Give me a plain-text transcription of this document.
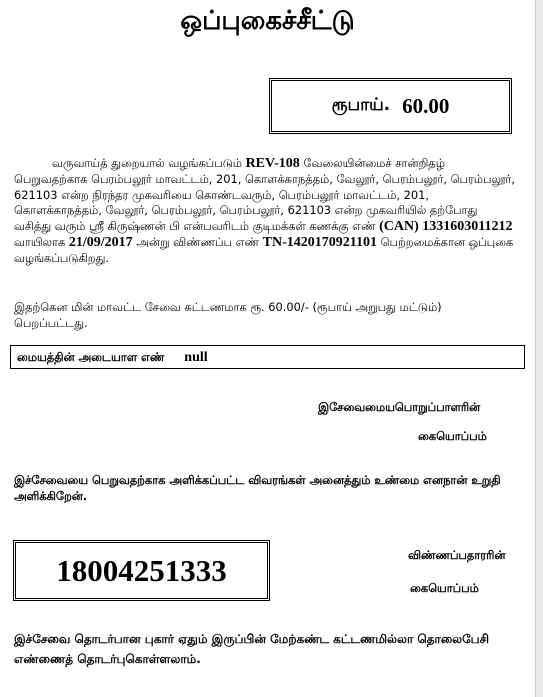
ஒப்புகைச்சீட்டு
ரூபாய். 60.00
வருவாய்த் துறையால் வழங்கப்படும் REV-108 வேலையின்மைச் சான்றிதழ் பெறுவதற்காக பெரம்பலூர் மாவட்டம், 201, கொளக்காநத்தம், வேலூர், பெரம்பலூர், பெரம்பலூர், 621103 என்ற நிரந்தர முகவரியை கொண்டவரும், பெரம்பலூர் மாவட்டம், 201, கொளக்காநத்தம், வேலூர், பெரம்பலூர், பெரம்பலூர், 621103 என்ற முகவரியில் தற்போது வசித்து வரும் ஸ்ரீ கிருஷ்ணன் பி என்பவரிடம் குடிமக்கள் கணக்கு எண் (CAN) 1331603011212 வாயிலாக 21/09/2017 அன்று விண்ணப்ப எண் TN-1420170921101 பெற்றமைக்கான ஒப்புகை வழங்கப்படுகிறது.
இதற்கென மின் மாவட்ட சேவை கட்டணமாக ரூ. 60.00/- (ரூபாய் அறுபது மட்டும்) பெறப்பட்டது.
மையத்தின் அடையாள எண் null
இசேவைமையபொறுப்பாளரின்
கையொப்பம்
இச்சேவையை பெறுவதற்காக அளிக்கப்பட்ட விவரங்கள் அனைத்தும் உண்மை எனநான் உறுதி அளிக்கிறேன்.
18004251333	விண்ணப்பதாரரின்
கையொப்பம்
இச்சேவை தொடர்பான புகார் ஏதும் இருப்பின் மேற்கண்ட கட்டணமில்லா தொலைபேசி எண்ணைத் தொடர்புகொள்ளலாம்.
